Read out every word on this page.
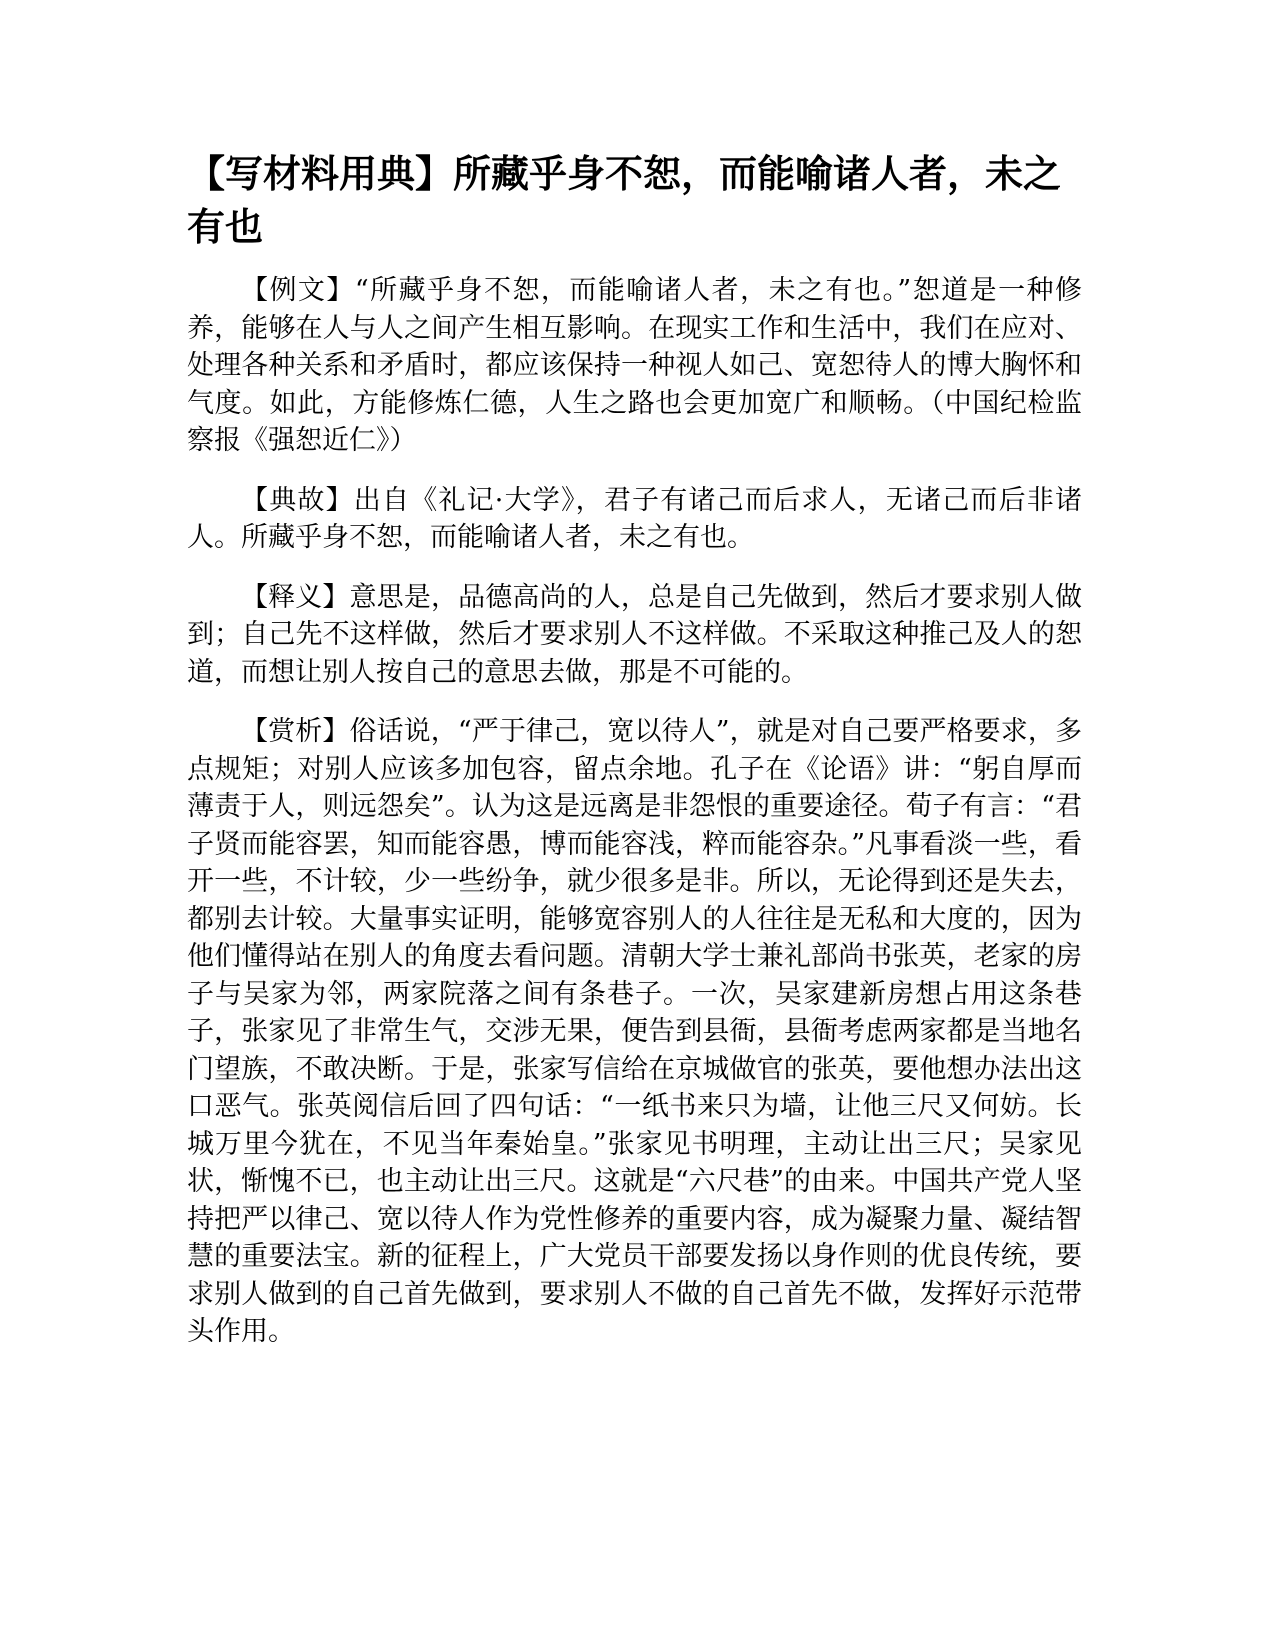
【写材料用典】所藏乎身不恕，而能喻诸人者，未之有也

【例文】“所藏乎身不恕，而能喻诸人者，未之有也。”恕道是一种修养，能够在人与人之间产生相互影响。在现实工作和生活中，我们在应对、处理各种关系和矛盾时，都应该保持一种视人如己、宽恕待人的博大胸怀和气度。如此，方能修炼仁德，人生之路也会更加宽广和顺畅。（中国纪检监察报《强恕近仁》）

【典故】出自《礼记·大学》，君子有诸己而后求人，无诸己而后非诸人。所藏乎身不恕，而能喻诸人者，未之有也。

【释义】意思是，品德高尚的人，总是自己先做到，然后才要求别人做到；自己先不这样做，然后才要求别人不这样做。不采取这种推己及人的恕道，而想让别人按自己的意思去做，那是不可能的。

【赏析】俗话说，“严于律己，宽以待人”，就是对自己要严格要求，多点规矩；对别人应该多加包容，留点余地。孔子在《论语》讲：“躬自厚而薄责于人，则远怨矣”。认为这是远离是非怨恨的重要途径。荀子有言：“君子贤而能容罢，知而能容愚，博而能容浅，粹而能容杂。”凡事看淡一些，看开一些，不计较，少一些纷争，就少很多是非。所以，无论得到还是失去，都别去计较。大量事实证明，能够宽容别人的人往往是无私和大度的，因为他们懂得站在别人的角度去看问题。清朝大学士兼礼部尚书张英，老家的房子与吴家为邻，两家院落之间有条巷子。一次，吴家建新房想占用这条巷子，张家见了非常生气，交涉无果，便告到县衙，县衙考虑两家都是当地名门望族，不敢决断。于是，张家写信给在京城做官的张英，要他想办法出这口恶气。张英阅信后回了四句话：“一纸书来只为墙，让他三尺又何妨。长城万里今犹在，不见当年秦始皇。”张家见书明理，主动让出三尺；吴家见状，惭愧不已，也主动让出三尺。这就是“六尺巷”的由来。中国共产党人坚持把严以律己、宽以待人作为党性修养的重要内容，成为凝聚力量、凝结智慧的重要法宝。新的征程上，广大党员干部要发扬以身作则的优良传统，要求别人做到的自己首先做到，要求别人不做的自己首先不做，发挥好示范带头作用。
